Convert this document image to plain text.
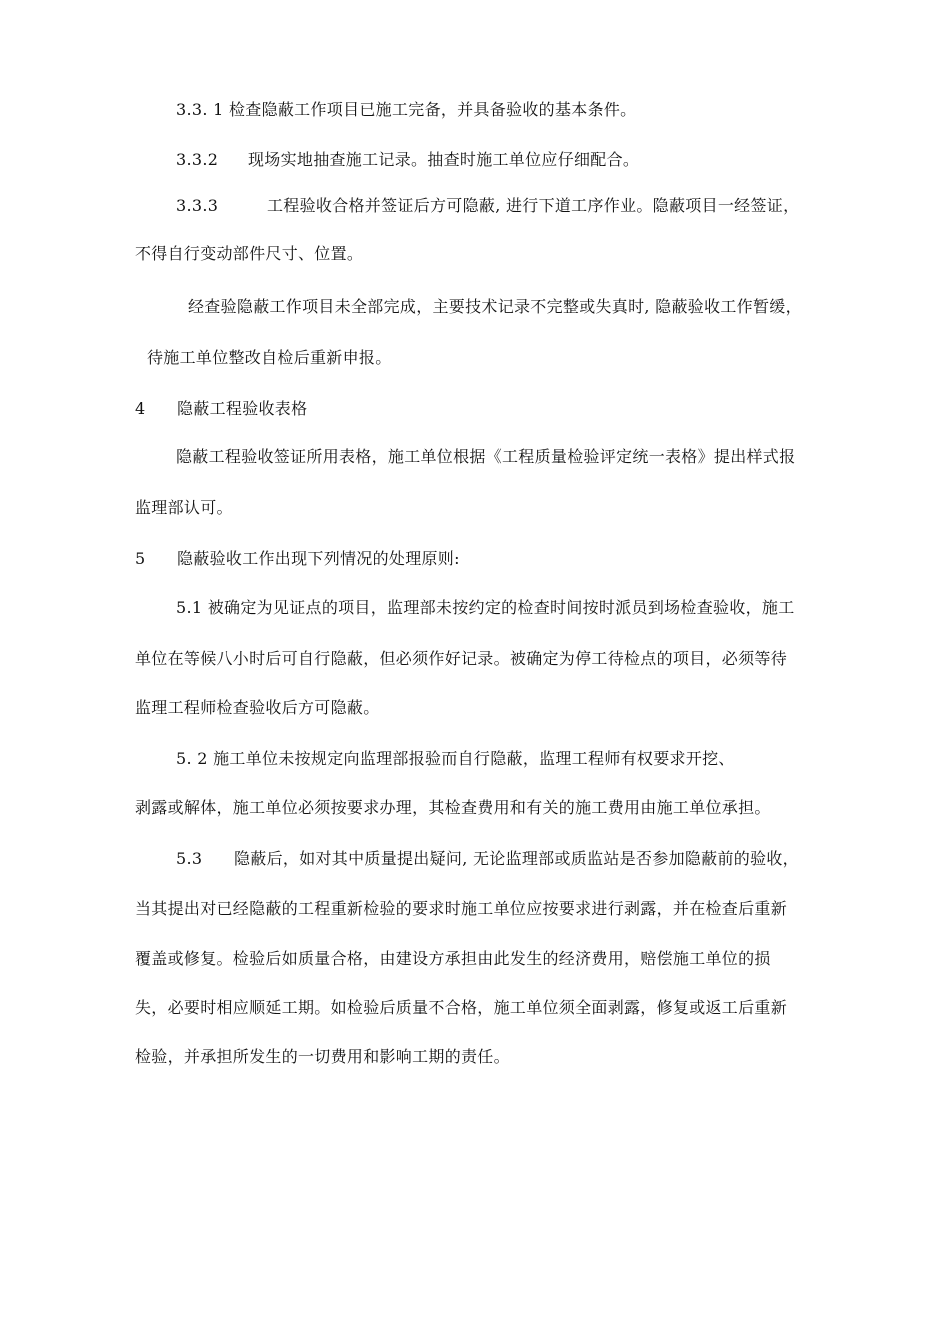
3.3. 1 检查隐蔽工作项目已施工完备，并具备验收的基本条件。
3.3.2 现场实地抽查施工记录。抽查时施工单位应仔细配合。
3.3.3	工程验收合格并签证后方可隐蔽, 进行下道工序作业。隐蔽项目一经签证，
不得自行变动部件尺寸、位置。
经查验隐蔽工作项目未全部完成，主要技术记录不完整或失真时, 隐蔽验收工作暂缓，
待施工单位整改自检后重新申报。
4 隐蔽工程验收表格
隐蔽工程验收签证所用表格，施工单位根据《工程质量检验评定统一表格》提出样式报
监理部认可。
5 隐蔽验收工作出现下列情况的处理原则:
5.1 被确定为见证点的项目，监理部未按约定的检查时间按时派员到场检查验收，施工
单位在等候八小时后可自行隐蔽，但必须作好记录。被确定为停工待检点的项目，必须等待
监理工程师检查验收后方可隐蔽。
5. 2 施工单位未按规定向监理部报验而自行隐蔽，监理工程师有权要求开挖、
剥露或解体，施工单位必须按要求办理，其检查费用和有关的施工费用由施工单位承担。
5.3 隐蔽后，如对其中质量提出疑问, 无论监理部或质监站是否参加隐蔽前的验收，
当其提出对已经隐蔽的工程重新检验的要求时施工单位应按要求进行剥露，并在检查后重新
覆盖或修复。检验后如质量合格，由建设方承担由此发生的经济费用，赔偿施工单位的损
失，必要时相应顺延工期。如检验后质量不合格，施工单位须全面剥露，修复或返工后重新
检验，并承担所发生的一切费用和影响工期的责任。
